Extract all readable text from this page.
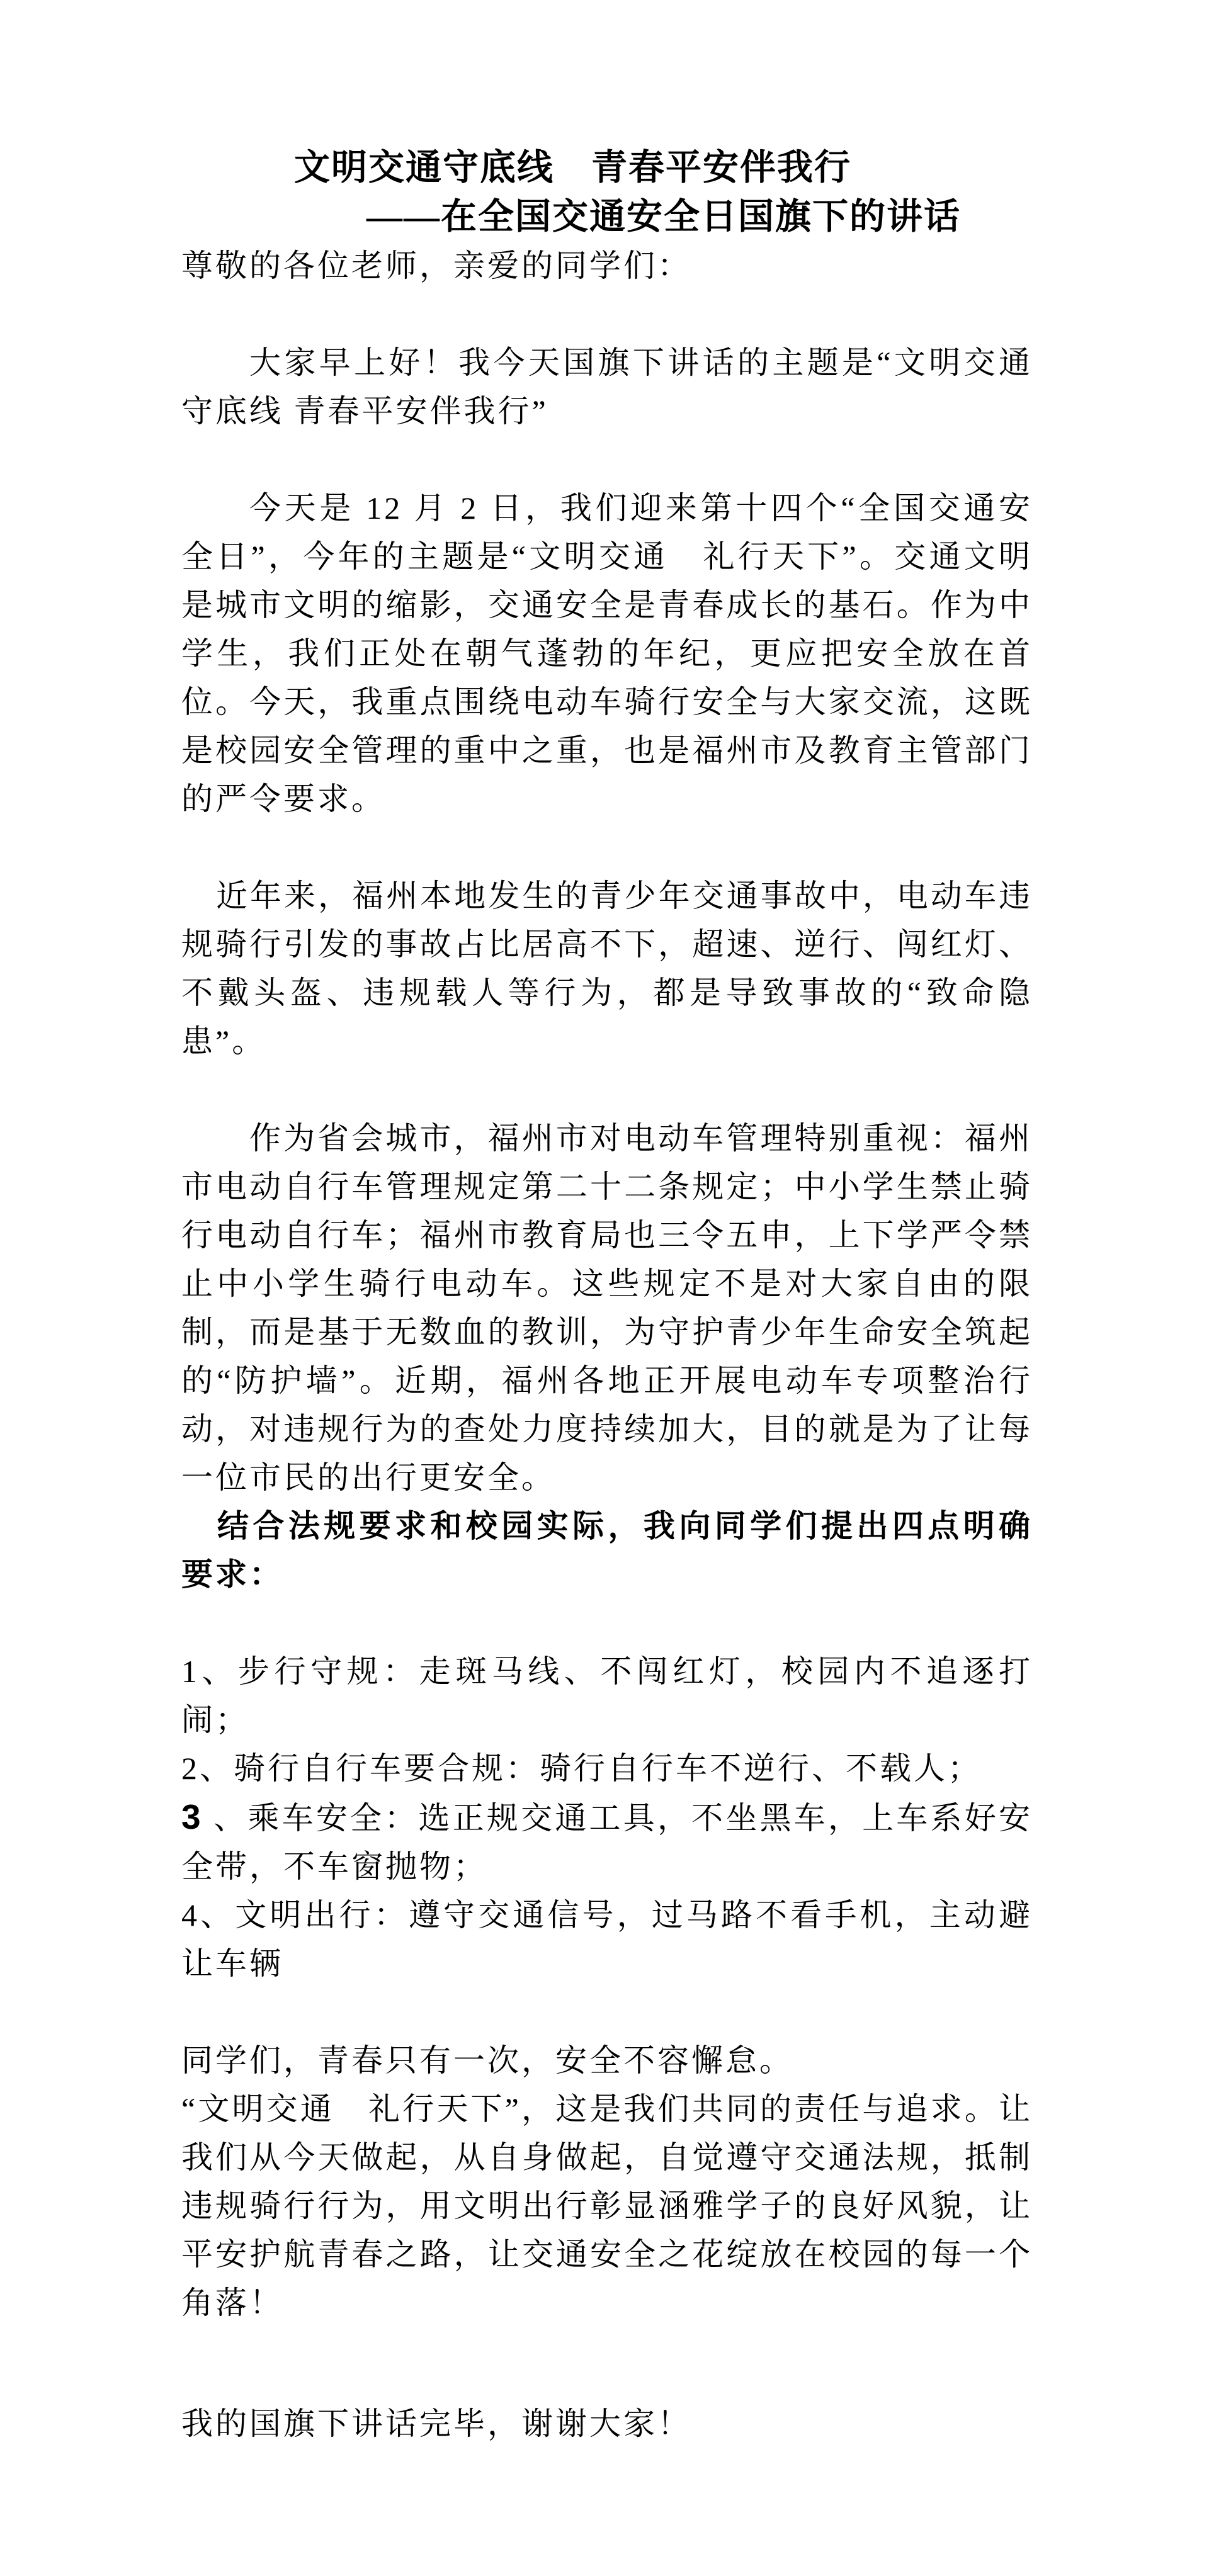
文明交通守底线　青春平安伴我行
——在全国交通安全日国旗下的讲话

尊敬的各位老师，亲爱的同学们：

大家早上好！我今天国旗下讲话的主题是“文明交通守底线 青春平安伴我行”

今天是 12 月 2 日，我们迎来第十四个“全国交通安全日”，今年的主题是“文明交通　礼行天下”。交通文明是城市文明的缩影，交通安全是青春成长的基石。作为中学生，我们正处在朝气蓬勃的年纪，更应把安全放在首位。今天，我重点围绕电动车骑行安全与大家交流，这既是校园安全管理的重中之重，也是福州市及教育主管部门的严令要求。

近年来，福州本地发生的青少年交通事故中，电动车违规骑行引发的事故占比居高不下，超速、逆行、闯红灯、不戴头盔、违规载人等行为，都是导致事故的“致命隐患”。

作为省会城市，福州市对电动车管理特别重视：福州市电动自行车管理规定第二十二条规定；中小学生禁止骑行电动自行车；福州市教育局也三令五申，上下学严令禁止中小学生骑行电动车。这些规定不是对大家自由的限制，而是基于无数血的教训，为守护青少年生命安全筑起的“防护墙”。近期，福州各地正开展电动车专项整治行动，对违规行为的查处力度持续加大，目的就是为了让每一位市民的出行更安全。

结合法规要求和校园实际，我向同学们提出四点明确要求：

1、步行守规：走斑马线、不闯红灯，校园内不追逐打闹；

2、骑行自行车要合规：骑行自行车不逆行、不载人；

3 、乘车安全：选正规交通工具，不坐黑车，上车系好安全带，不车窗抛物；

4、文明出行：遵守交通信号，过马路不看手机，主动避让车辆

同学们，青春只有一次，安全不容懈怠。

“文明交通　礼行天下”，这是我们共同的责任与追求。让我们从今天做起，从自身做起，自觉遵守交通法规，抵制违规骑行行为，用文明出行彰显涵雅学子的良好风貌，让平安护航青春之路，让交通安全之花绽放在校园的每一个角落！

我的国旗下讲话完毕，谢谢大家！
